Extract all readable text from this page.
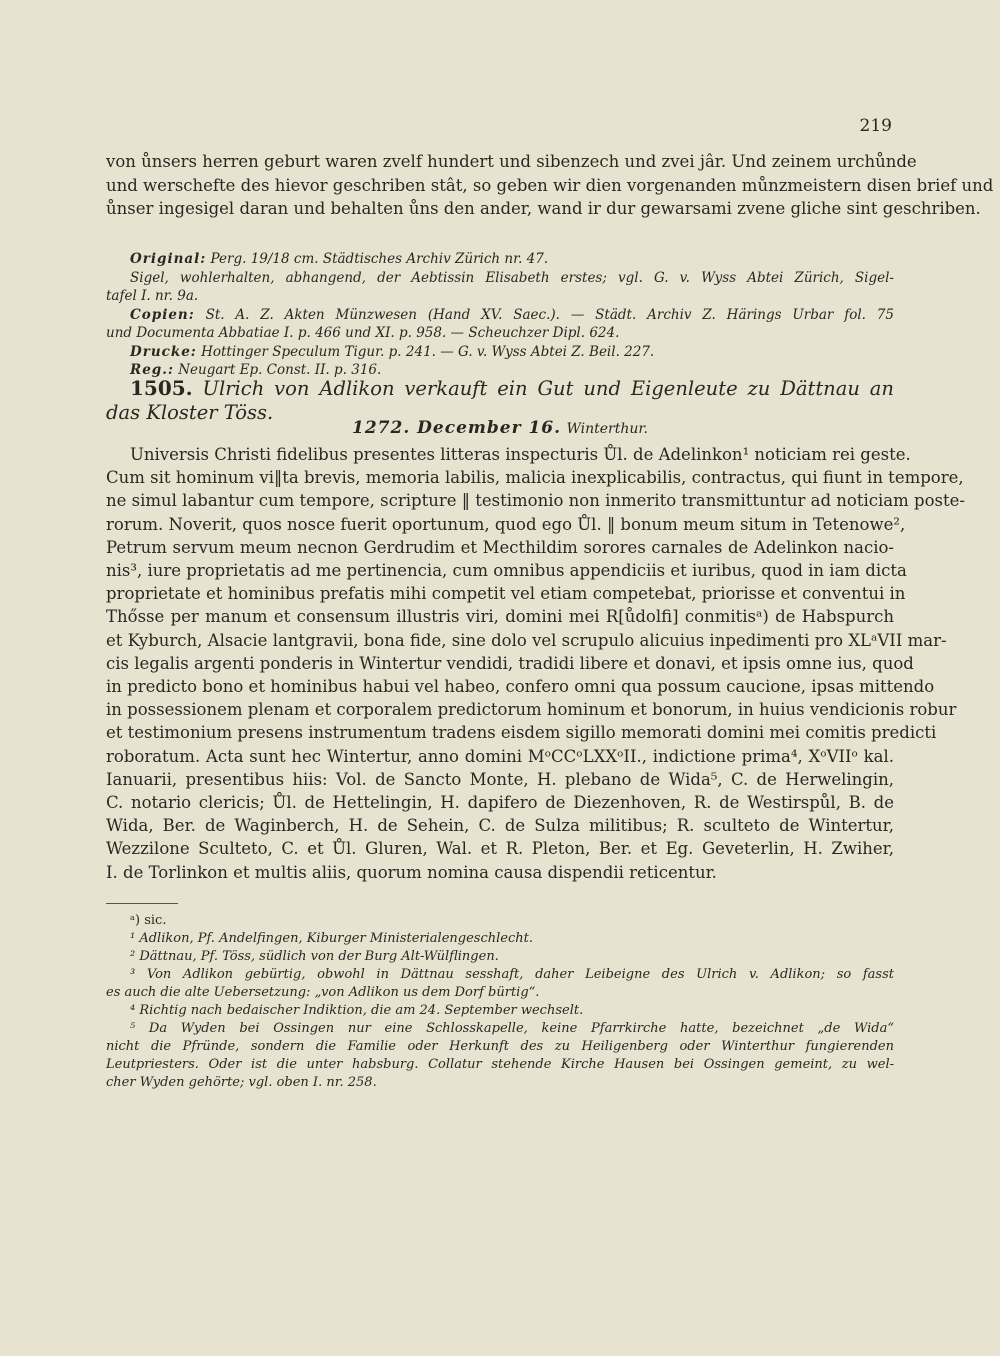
219
von ůnsers herren geburt waren zvelf hundert und sibenzech und zvei jâr. Und zeinem urchůnde
und werschefte des hievor geschriben stât, so geben wir dien vorgenanden můnzmeistern disen brief und
ůnser ingesigel daran und behalten ůns den ander, wand ir dur gewarsami zvene gliche sint geschriben.
Original: Perg. 19/18 cm. Städtisches Archiv Zürich nr. 47.
Sigel, wohlerhalten, abhangend, der Aebtissin Elisabeth erstes; vgl. G. v. Wyss Abtei Zürich, Sigel-
tafel I. nr. 9a.
Copien: St. A. Z. Akten Münzwesen (Hand XV. Saec.). — Städt. Archiv Z. Härings Urbar fol. 75
und Documenta Abbatiae I. p. 466 und XI. p. 958. — Scheuchzer Dipl. 624.
Drucke: Hottinger Speculum Tigur. p. 241. — G. v. Wyss Abtei Z. Beil. 227.
Reg.: Neugart Ep. Const. II. p. 316.
1505. Ulrich von Adlikon verkauft ein Gut und Eigenleute zu Dättnau an
das Kloster Töss.
1272. December 16. Winterthur.
Universis Christi fidelibus presentes litteras inspecturis Ůl. de Adelinkon¹ noticiam rei geste.
Cum sit hominum vi‖ta brevis, memoria labilis, malicia inexplicabilis, contractus, qui fiunt in tempore,
ne simul labantur cum tempore, scripture ‖ testimonio non inmerito transmittuntur ad noticiam poste-
rorum. Noverit, quos nosce fuerit oportunum, quod ego Ůl. ‖ bonum meum situm in Tetenowe²,
Petrum servum meum necnon Gerdrudim et Mecthildim sorores carnales de Adelinkon nacio-
nis³, iure proprietatis ad me pertinencia, cum omnibus appendiciis et iuribus, quod in iam dicta
proprietate et hominibus prefatis mihi competit vel etiam competebat, priorisse et conventui in
Thősse per manum et consensum illustris viri, domini mei R[ůdolfi] conmitisᵃ) de Habspurch
et Kyburch, Alsacie lantgravii, bona fide, sine dolo vel scrupulo alicuius inpedimenti pro XLᵃVII mar-
cis legalis argenti ponderis in Wintertur vendidi, tradidi libere et donavi, et ipsis omne ius, quod
in predicto bono et hominibus habui vel habeo, confero omni qua possum caucione, ipsas mittendo
in possessionem plenam et corporalem predictorum hominum et bonorum, in huius vendicionis robur
et testimonium presens instrumentum tradens eisdem sigillo memorati domini mei comitis predicti
roboratum. Acta sunt hec Wintertur, anno domini MᵒCCᵒLXXᵒII., indictione prima⁴, XᵒVIIᵒ kal.
Ianuarii, presentibus hiis: Vol. de Sancto Monte, H. plebano de Wida⁵, C. de Herwelingin,
C. notario clericis; Ůl. de Hettelingin, H. dapifero de Diezenhoven, R. de Westirspůl, B. de
Wida, Ber. de Waginberch, H. de Sehein, C. de Sulza militibus; R. sculteto de Wintertur,
Wezzilone Sculteto, C. et Ůl. Gluren, Wal. et R. Pleton, Ber. et Eg. Geveterlin, H. Zwiher,
I. de Torlinkon et multis aliis, quorum nomina causa dispendii reticentur.
ᵃ) sic.
¹ Adlikon, Pf. Andelfingen, Kiburger Ministerialengeschlecht.
² Dättnau, Pf. Töss, südlich von der Burg Alt-Wülflingen.
³ Von Adlikon gebürtig, obwohl in Dättnau sesshaft, daher Leibeigne des Ulrich v. Adlikon; so fasst
es auch die alte Uebersetzung: „von Adlikon us dem Dorf bürtig“.
⁴ Richtig nach bedaischer Indiktion, die am 24. September wechselt.
⁵ Da Wyden bei Ossingen nur eine Schlosskapelle, keine Pfarrkirche hatte, bezeichnet „de Wida“
nicht die Pfründe, sondern die Familie oder Herkunft des zu Heiligenberg oder Winterthur fungierenden
Leutpriesters. Oder ist die unter habsburg. Collatur stehende Kirche Hausen bei Ossingen gemeint, zu wel-
cher Wyden gehörte; vgl. oben I. nr. 258.
